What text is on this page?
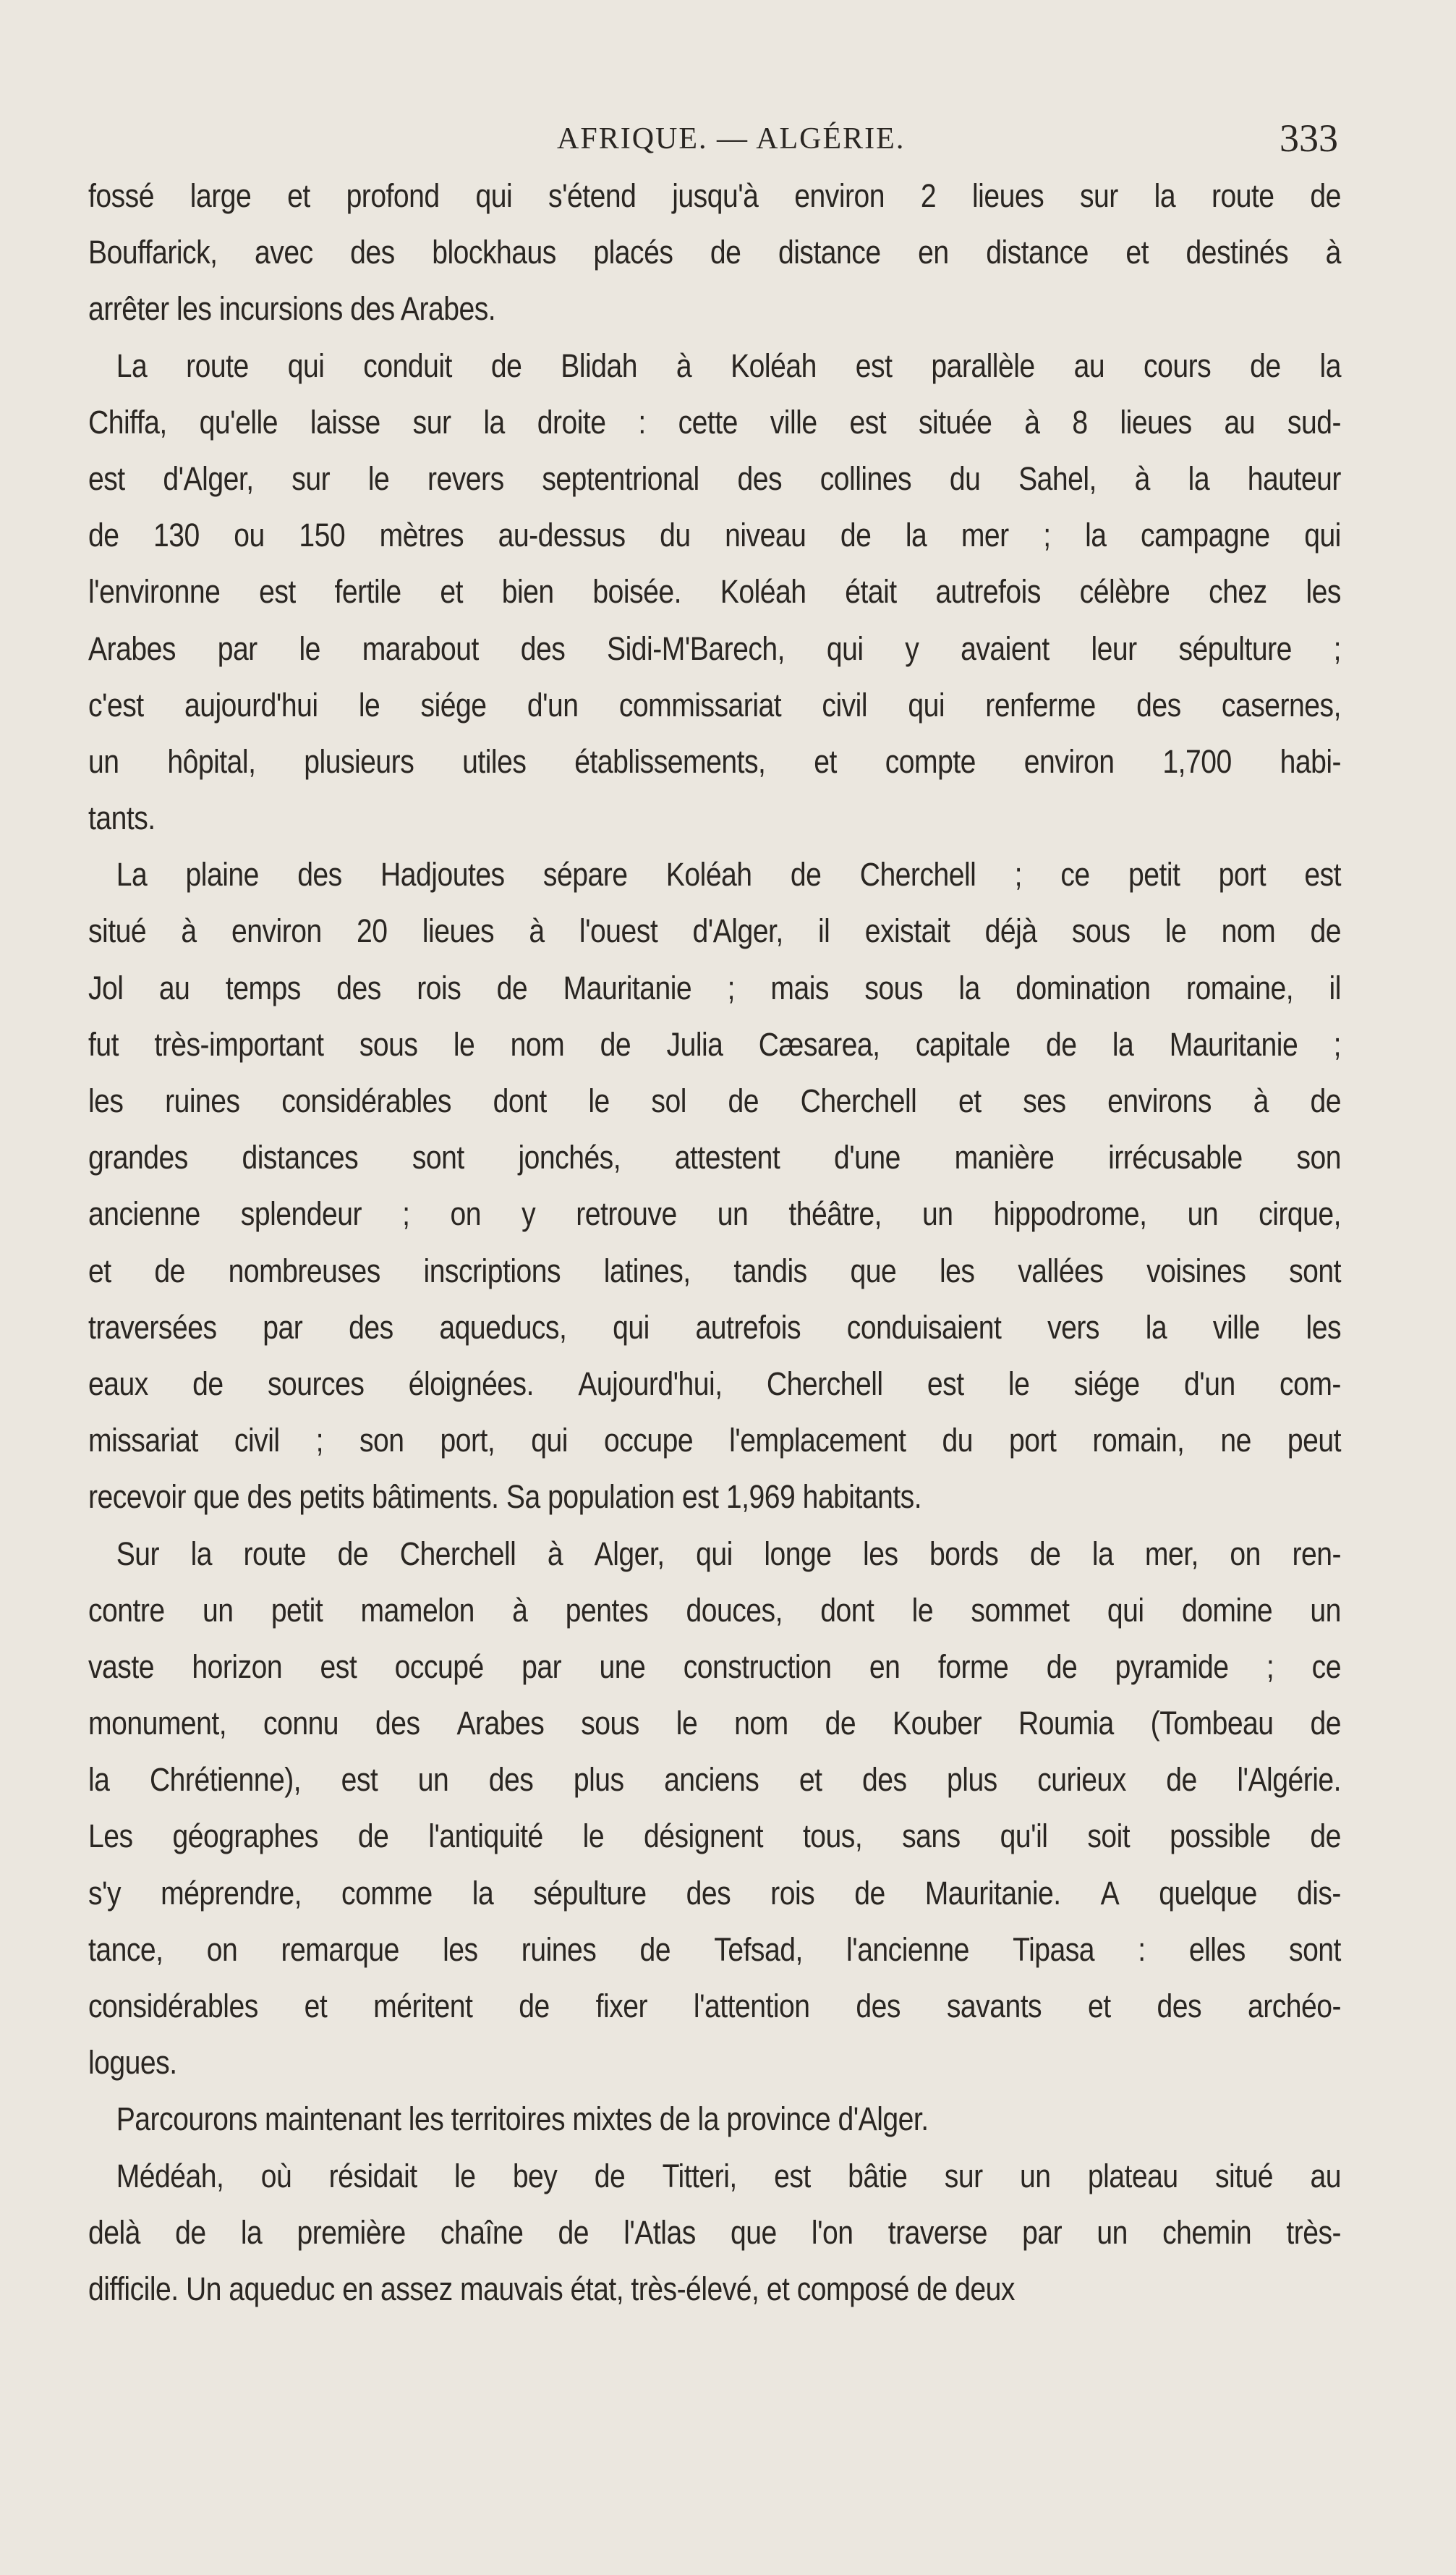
AFRIQUE. — ALGÉRIE.	333
fossé large et profond qui s'étend jusqu'à environ 2 lieues sur la route de
Bouffarick, avec des blockhaus placés de distance en distance et destinés à
arrêter les incursions des Arabes.
La route qui conduit de Blidah à Koléah est parallèle au cours de la
Chiffa, qu'elle laisse sur la droite : cette ville est située à 8 lieues au sud-
est d'Alger, sur le revers septentrional des collines du Sahel, à la hauteur
de 130 ou 150 mètres au-dessus du niveau de la mer ; la campagne qui
l'environne est fertile et bien boisée. Koléah était autrefois célèbre chez les
Arabes par le marabout des Sidi-M'Barech, qui y avaient leur sépulture ;
c'est aujourd'hui le siége d'un commissariat civil qui renferme des casernes,
un hôpital, plusieurs utiles établissements, et compte environ 1,700 habi-
tants.
La plaine des Hadjoutes sépare Koléah de Cherchell ; ce petit port est
situé à environ 20 lieues à l'ouest d'Alger, il existait déjà sous le nom de
Jol au temps des rois de Mauritanie ; mais sous la domination romaine, il
fut très-important sous le nom de Julia Cæsarea, capitale de la Mauritanie ;
les ruines considérables dont le sol de Cherchell et ses environs à de
grandes distances sont jonchés, attestent d'une manière irrécusable son
ancienne splendeur ; on y retrouve un théâtre, un hippodrome, un cirque,
et de nombreuses inscriptions latines, tandis que les vallées voisines sont
traversées par des aqueducs, qui autrefois conduisaient vers la ville les
eaux de sources éloignées. Aujourd'hui, Cherchell est le siége d'un com-
missariat civil ; son port, qui occupe l'emplacement du port romain, ne peut
recevoir que des petits bâtiments. Sa population est 1,969 habitants.
Sur la route de Cherchell à Alger, qui longe les bords de la mer, on ren-
contre un petit mamelon à pentes douces, dont le sommet qui domine un
vaste horizon est occupé par une construction en forme de pyramide ; ce
monument, connu des Arabes sous le nom de Kouber Roumia (Tombeau de
la Chrétienne), est un des plus anciens et des plus curieux de l'Algérie.
Les géographes de l'antiquité le désignent tous, sans qu'il soit possible de
s'y méprendre, comme la sépulture des rois de Mauritanie. A quelque dis-
tance, on remarque les ruines de Tefsad, l'ancienne Tipasa : elles sont
considérables et méritent de fixer l'attention des savants et des archéo-
logues.
Parcourons maintenant les territoires mixtes de la province d'Alger.
Médéah, où résidait le bey de Titteri, est bâtie sur un plateau situé au
delà de la première chaîne de l'Atlas que l'on traverse par un chemin très-
difficile. Un aqueduc en assez mauvais état, très-élevé, et composé de deux
